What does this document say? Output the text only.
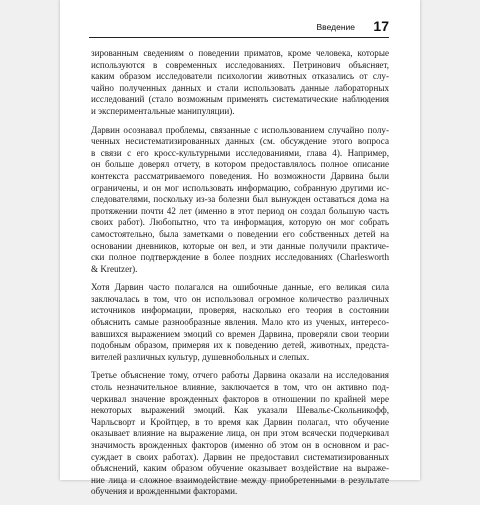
Введение 17
зированным сведениям о поведении приматов, кроме человека, которые
используются в современных исследованиях. Петринович объясняет,
каким образом исследователи психологии животных отказались от слу-
чайно полученных данных и стали использовать данные лабораторных
исследований (стало возможным применять систематические наблюдения
и экспериментальные манипуляции).
Дарвин осознавал проблемы, связанные с использованием случайно полу-
ченных несистематизированных данных (см. обсуждение этого вопроса
в связи с его кросс-культурными исследованиями, глава 4). Например,
он больше доверял отчету, в котором предоставлялось полное описание
контекста рассматриваемого поведения. Но возможности Дарвина были
ограничены, и он мог использовать информацию, собранную другими ис-
следователями, поскольку из-за болезни был вынужден оставаться дома на
протяжении почти 42 лет (именно в этот период он создал большую часть
своих работ). Любопытно, что та информация, которую он мог собрать
самостоятельно, была заметками о поведении его собственных детей на
основании дневников, которые он вел, и эти данные получили практиче-
ски полное подтверждение в более поздних исследованиях (Charlesworth
& Kreutzer).
Хотя Дарвин часто полагался на ошибочные данные, его великая сила
заключалась в том, что он использовал огромное количество различных
источников информации, проверяя, насколько его теория в состоянии
объяснить самые разнообразные явления. Мало кто из ученых, интересо-
вавшихся выражением эмоций со времен Дарвина, проверяли свои теории
подобным образом, примеряя их к поведению детей, животных, предста-
вителей различных культур, душевнобольных и слепых.
Третье объяснение тому, отчего работы Дарвина оказали на исследования
столь незначительное влияние, заключается в том, что он активно под-
черкивал значение врожденных факторов в отношении по крайней мере
некоторых выражений эмоций. Как указали Шевальє-Скольникофф,
Чарльсворт и Кройтцер, в то время как Дарвин полагал, что обучение
оказывает влияние на выражение лица, он при этом всячески подчеркивал
значимость врожденных факторов (именно об этом он в основном и рас-
суждает в своих работах). Дарвин не предоставил систематизированных
объяснений, каким образом обучение оказывает воздействие на выраже-
ние лица и сложное взаимодействие между приобретенными в результате
обучения и врожденными факторами.
